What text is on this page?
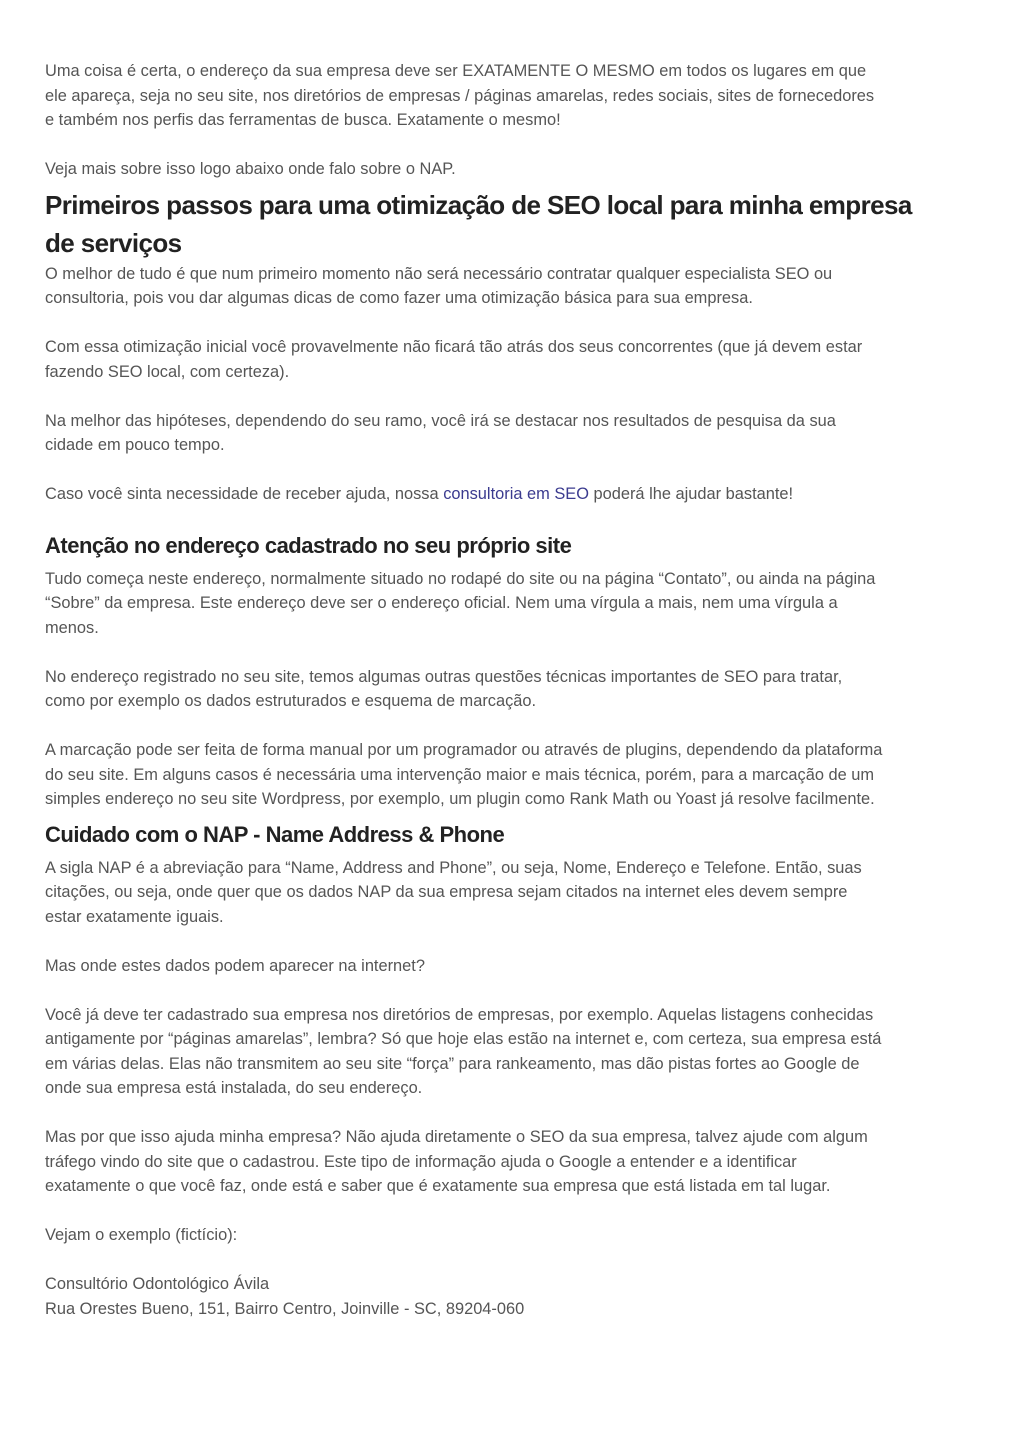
Uma coisa é certa, o endereço da sua empresa deve ser EXATAMENTE O MESMO em todos os lugares em que ele apareça, seja no seu site, nos diretórios de empresas / páginas amarelas, redes sociais, sites de fornecedores e também nos perfis das ferramentas de busca. Exatamente o mesmo!

Veja mais sobre isso logo abaixo onde falo sobre o NAP.

Primeiros passos para uma otimização de SEO local para minha empresa de serviços

O melhor de tudo é que num primeiro momento não será necessário contratar qualquer especialista SEO ou consultoria, pois vou dar algumas dicas de como fazer uma otimização básica para sua empresa.

Com essa otimização inicial você provavelmente não ficará tão atrás dos seus concorrentes (que já devem estar fazendo SEO local, com certeza).

Na melhor das hipóteses, dependendo do seu ramo, você irá se destacar nos resultados de pesquisa da sua cidade em pouco tempo.

Caso você sinta necessidade de receber ajuda, nossa consultoria em SEO poderá lhe ajudar bastante!

Atenção no endereço cadastrado no seu próprio site

Tudo começa neste endereço, normalmente situado no rodapé do site ou na página “Contato”, ou ainda na página “Sobre” da empresa. Este endereço deve ser o endereço oficial. Nem uma vírgula a mais, nem uma vírgula a menos.

No endereço registrado no seu site, temos algumas outras questões técnicas importantes de SEO para tratar, como por exemplo os dados estruturados e esquema de marcação.

A marcação pode ser feita de forma manual por um programador ou através de plugins, dependendo da plataforma do seu site. Em alguns casos é necessária uma intervenção maior e mais técnica, porém, para a marcação de um simples endereço no seu site Wordpress, por exemplo, um plugin como Rank Math ou Yoast já resolve facilmente.

Cuidado com o NAP - Name Address & Phone

A sigla NAP é a abreviação para “Name, Address and Phone”, ou seja, Nome, Endereço e Telefone. Então, suas citações, ou seja, onde quer que os dados NAP da sua empresa sejam citados na internet eles devem sempre estar exatamente iguais.

Mas onde estes dados podem aparecer na internet?

Você já deve ter cadastrado sua empresa nos diretórios de empresas, por exemplo. Aquelas listagens conhecidas antigamente por “páginas amarelas”, lembra? Só que hoje elas estão na internet e, com certeza, sua empresa está em várias delas. Elas não transmitem ao seu site “força” para rankeamento, mas dão pistas fortes ao Google de onde sua empresa está instalada, do seu endereço.

Mas por que isso ajuda minha empresa? Não ajuda diretamente o SEO da sua empresa, talvez ajude com algum tráfego vindo do site que o cadastrou. Este tipo de informação ajuda o Google a entender e a identificar exatamente o que você faz, onde está e saber que é exatamente sua empresa que está listada em tal lugar.

Vejam o exemplo (fictício):

Consultório Odontológico Ávila

Rua Orestes Bueno, 151, Bairro Centro, Joinville - SC, 89204-060
